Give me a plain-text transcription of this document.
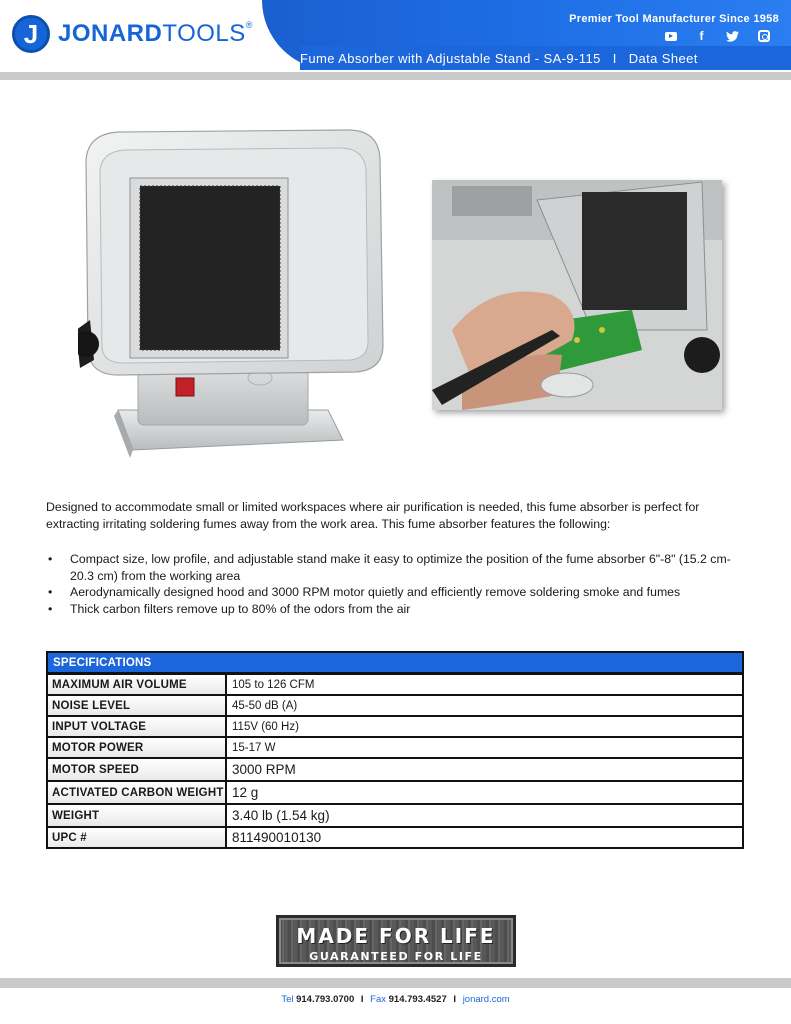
J JONARDTOOLS®	Premier Tool Manufacturer Since 1958
f
Fume Absorber with Adjustable Stand - SA-9-115 I Data Sheet

Designed to accommodate small or limited workspaces where air purification is needed, this fume absorber is perfect for extracting irritating soldering fumes away from the work area. This fume absorber features the following:

• Compact size, low profile, and adjustable stand make it easy to optimize the position of the fume absorber 6"-8" (15.2 cm-20.3 cm) from the working area
• Aerodynamically designed hood and 3000 RPM motor quietly and efficiently remove soldering smoke and fumes
• Thick carbon filters remove up to 80% of the odors from the air
SPECIFICATIONS
MAXIMUM AIR VOLUME	105 to 126 CFM
NOISE LEVEL	45-50 dB (A)
INPUT VOLTAGE	115V (60 Hz)
MOTOR POWER	15-17 W
MOTOR SPEED	3000 RPM
ACTIVATED CARBON WEIGHT 12 g
WEIGHT	3.40 lb (1.54 kg)
UPC #	811490010130
MADE FOR LIFE
GUARANTEED FOR LIFE
Tel 914.793.0700 I Fax 914.793.4527 I jonard.com
